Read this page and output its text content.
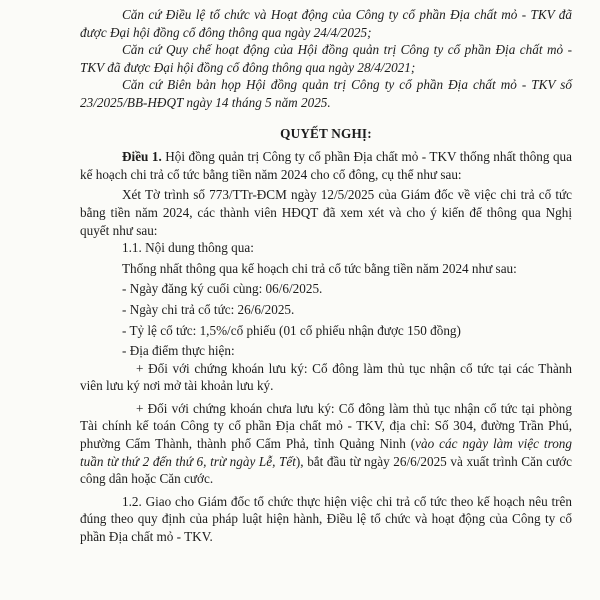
Căn cứ Điều lệ tổ chức và Hoạt động của Công ty cổ phần Địa chất mỏ - TKV đã được Đại hội đồng cổ đông thông qua ngày 24/4/2025;

Căn cứ Quy chế hoạt động của Hội đồng quản trị Công ty cổ phần Địa chất mỏ - TKV đã được Đại hội đồng cổ đông thông qua ngày 28/4/2021;

Căn cứ Biên bản họp Hội đồng quản trị Công ty cổ phần Địa chất mỏ - TKV số 23/2025/BB-HĐQT ngày 14 tháng 5 năm 2025.

QUYẾT NGHỊ:

Điều 1. Hội đồng quản trị Công ty cổ phần Địa chất mỏ - TKV thống nhất thông qua kế hoạch chi trả cổ tức bằng tiền năm 2024 cho cổ đông, cụ thể như sau:

Xét Tờ trình số 773/TTr-ĐCM ngày 12/5/2025 của Giám đốc về việc chi trả cổ tức bằng tiền năm 2024, các thành viên HĐQT đã xem xét và cho ý kiến để thông qua Nghị quyết như sau:

1.1. Nội dung thông qua:

Thống nhất thông qua kế hoạch chi trả cổ tức bằng tiền năm 2024 như sau:

- Ngày đăng ký cuối cùng: 06/6/2025.

- Ngày chi trả cổ tức: 26/6/2025.

- Tỷ lệ cổ tức: 1,5%/cổ phiếu (01 cổ phiếu nhận được 150 đồng)

- Địa điểm thực hiện:

+ Đối với chứng khoán lưu ký: Cổ đông làm thủ tục nhận cổ tức tại các Thành viên lưu ký nơi mở tài khoản lưu ký.

+ Đối với chứng khoán chưa lưu ký: Cổ đông làm thủ tục nhận cổ tức tại phòng Tài chính kế toán Công ty cổ phần Địa chất mỏ - TKV, địa chỉ: Số 304, đường Trần Phú, phường Cẩm Thành, thành phố Cẩm Phả, tỉnh Quảng Ninh (vào các ngày làm việc trong tuần từ thứ 2 đến thứ 6, trừ ngày Lễ, Tết), bắt đầu từ ngày 26/6/2025 và xuất trình Căn cước công dân hoặc Căn cước.

1.2. Giao cho Giám đốc tổ chức thực hiện việc chi trả cổ tức theo kế hoạch nêu trên đúng theo quy định của pháp luật hiện hành, Điều lệ tổ chức và hoạt động của Công ty cổ phần Địa chất mỏ - TKV.
